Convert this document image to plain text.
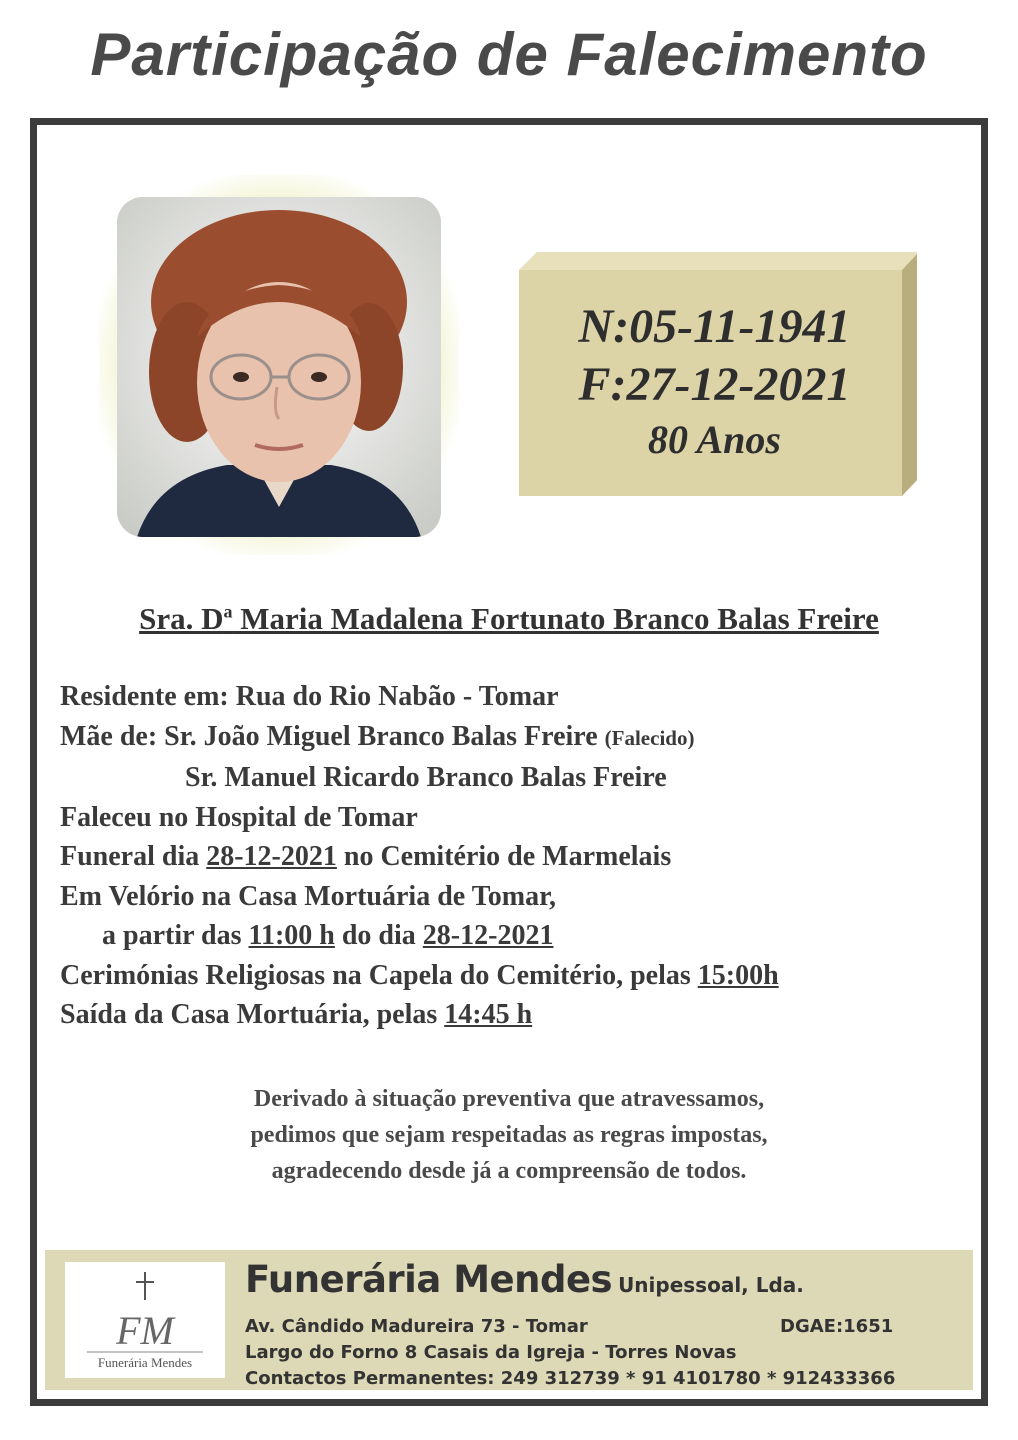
Participação de Falecimento
N:05-11-1941
F:27-12-2021
80 Anos
Sra. $D^a$ Maria Madalena Fortunato Branco Balas Freire
Residente em: Rua do Rio Nabão - Tomar
Mãe de: Sr. João Miguel Branco Balas Freire (Falecido)
Sr. Manuel Ricardo Branco Balas Freire
Faleceu no Hospital de Tomar
Funeral dia 28-12-2021 no Cemitério de Marmelais
Em Velório na Casa Mortuária de Tomar,
a partir das 11:00 h do dia 28-12-2021
Cerimónias Religiosas na Capela do Cemitério, pelas 15:00h
Saída da Casa Mortuária, pelas 14:45 h
Derivado à situação preventiva que atravessamos,
pedimos que sejam respeitadas as regras impostas,
agradecendo desde já a compreensão de todos.
FM
Funerária Mendes
Funerária Mendes Unipessoal, Lda.
Av. Cândido Madureira 73 - Tomar	DGAE:1651
Largo do Forno 8 Casais da Igreja - Torres Novas
Contactos Permanentes: 249 312739 * 91 4101780 * 912433366
